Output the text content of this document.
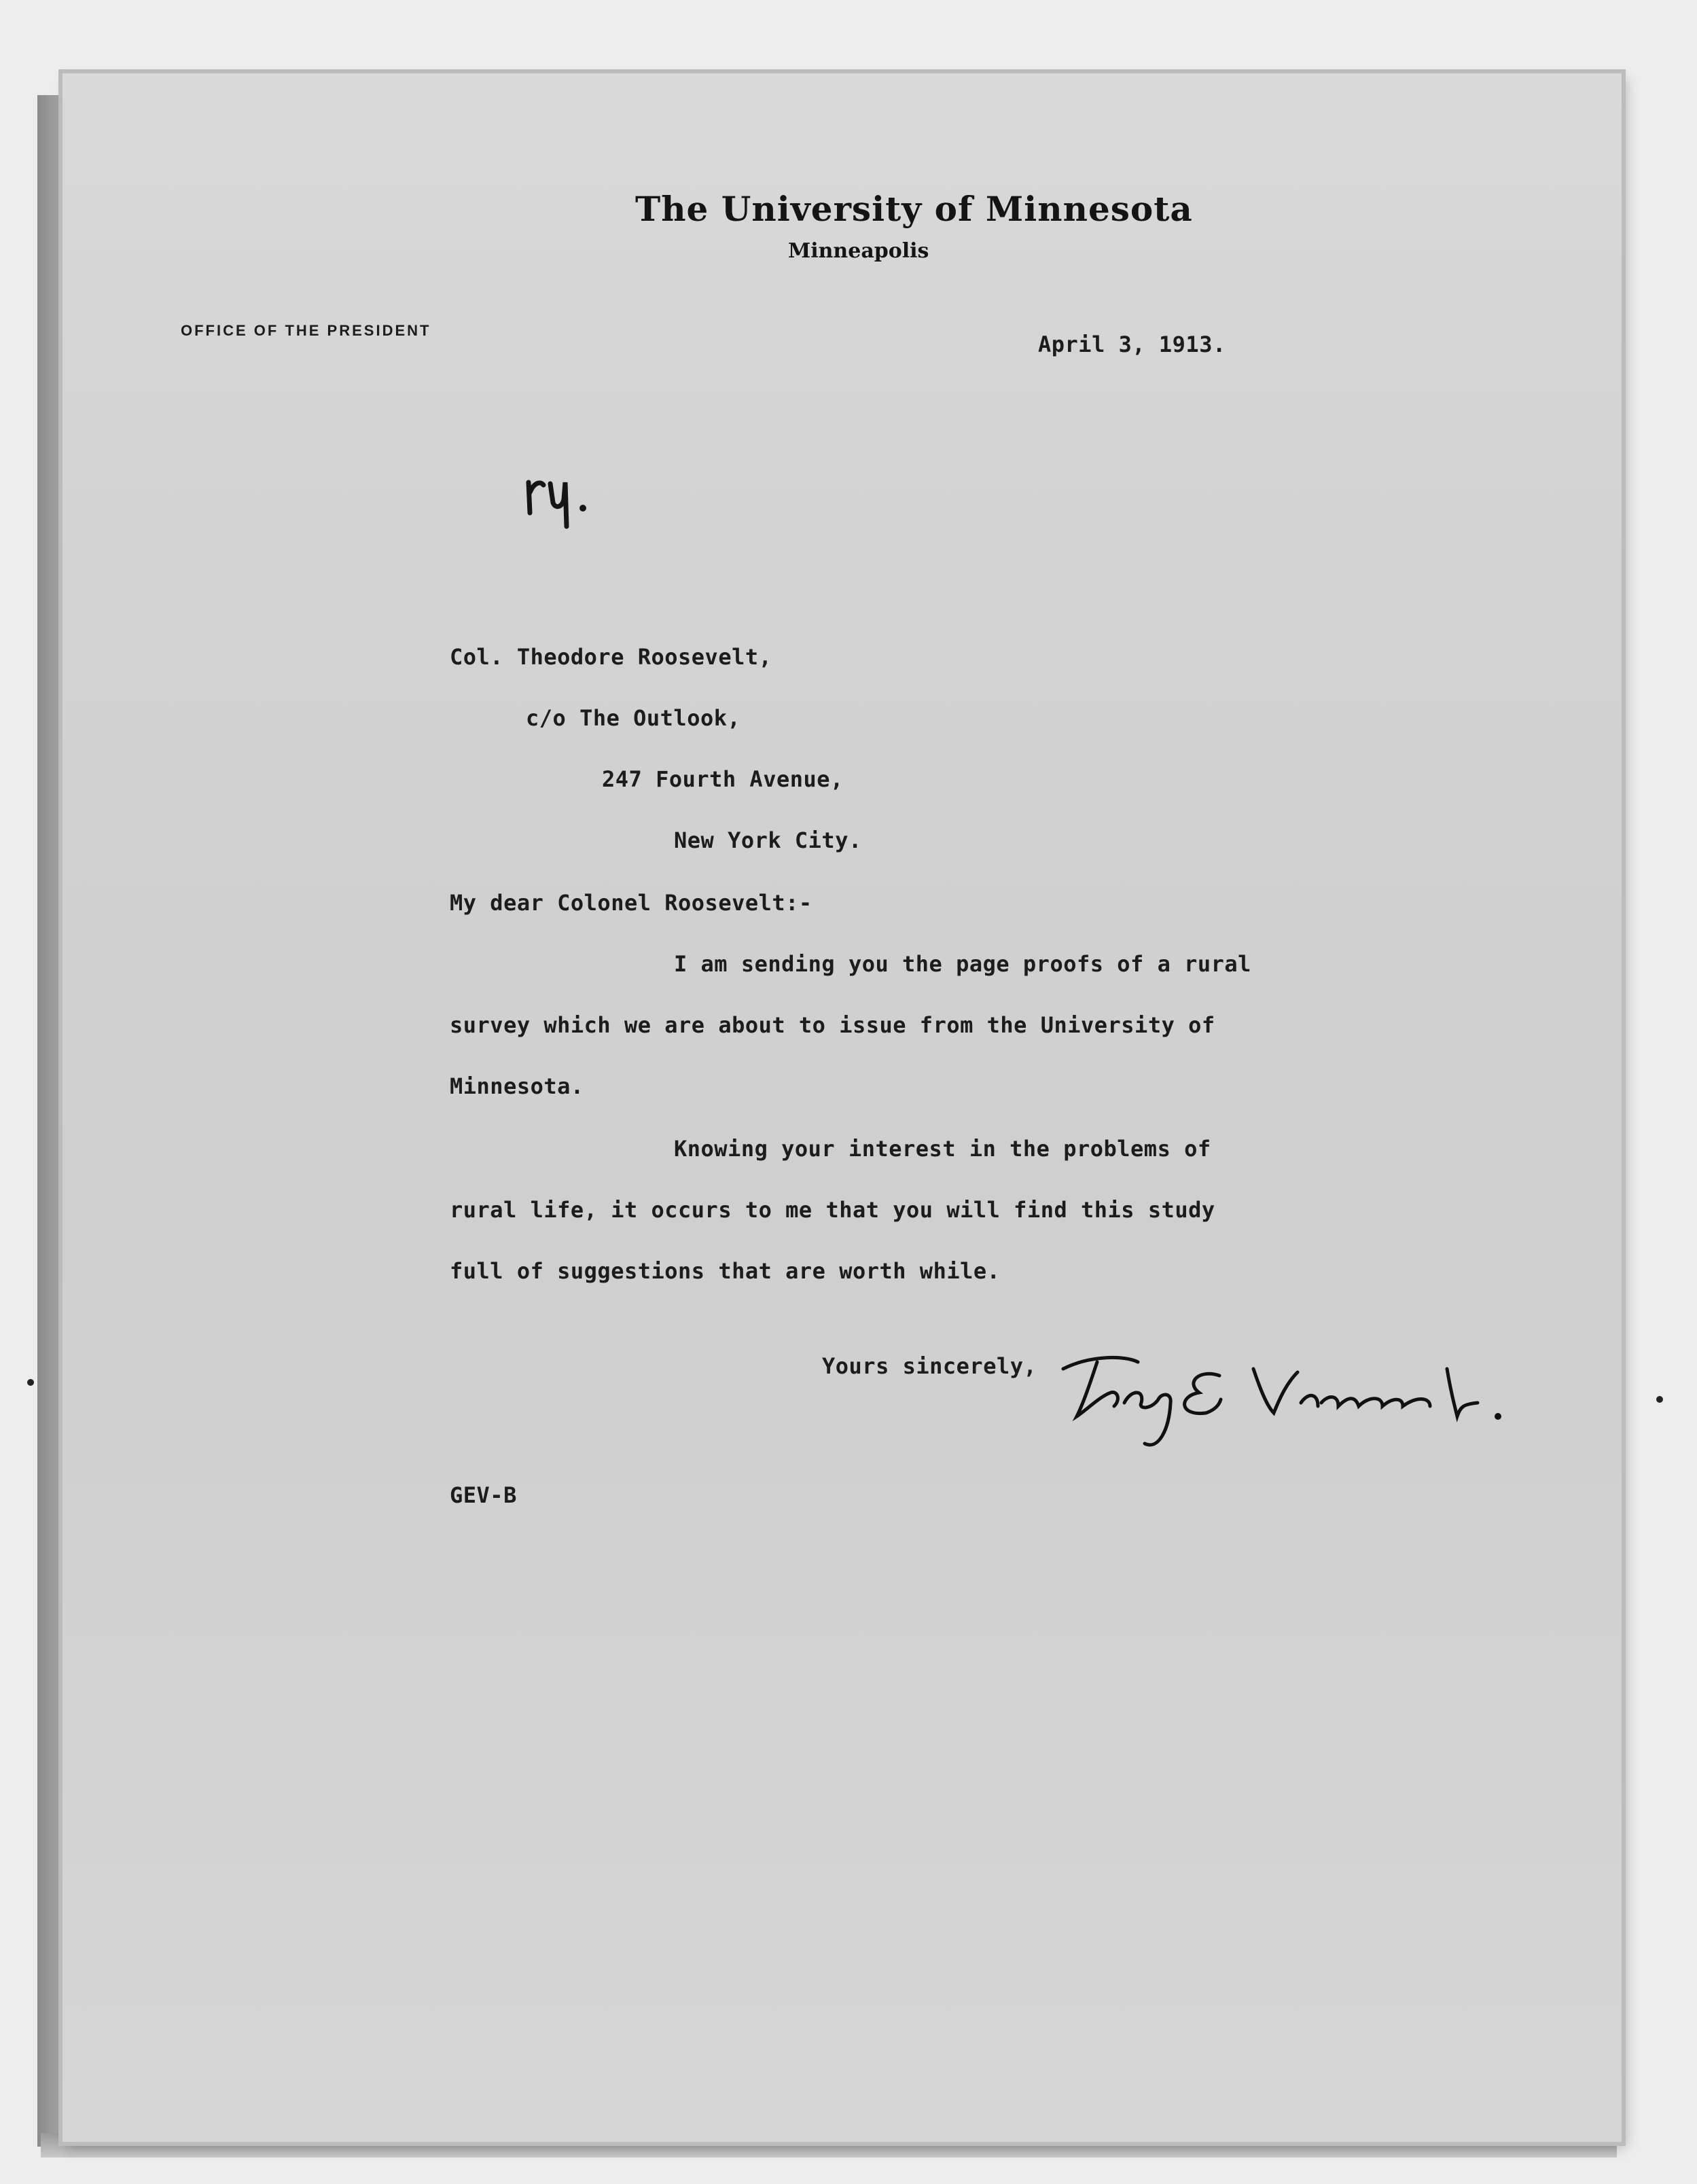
The University of Minnesota
Minneapolis
OFFICE OF THE PRESIDENT
April 3, 1913.
Col. Theodore Roosevelt,
c/o The Outlook,
247 Fourth Avenue,
New York City.
My dear Colonel Roosevelt:-
I am sending you the page proofs of a rural
survey which we are about to issue from the University of
Minnesota.
Knowing your interest in the problems of
rural life, it occurs to me that you will find this study
full of suggestions that are worth while.
Yours sincerely,
GEV-B
